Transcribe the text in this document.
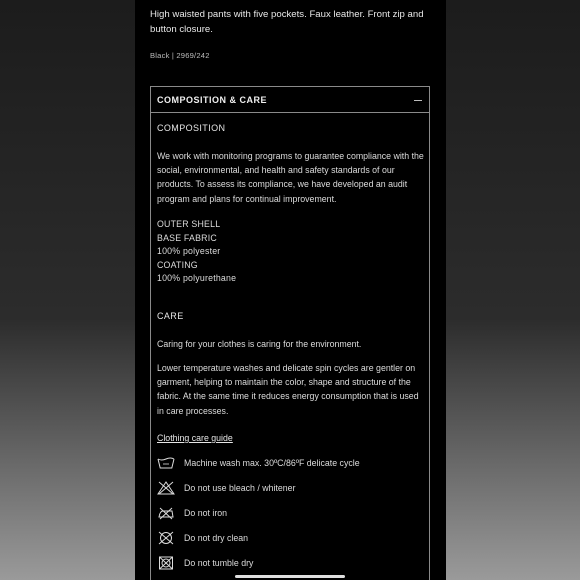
High waisted pants with five pockets. Faux leather. Front zip and button closure.
Black | 2969/242
COMPOSITION & CARE
COMPOSITION
We work with monitoring programs to guarantee compliance with the social, environmental, and health and safety standards of our products. To assess its compliance, we have developed an audit program and plans for continual improvement.
OUTER SHELL
BASE FABRIC
100% polyester
COATING
100% polyurethane
CARE
Caring for your clothes is caring for the environment.
Lower temperature washes and delicate spin cycles are gentler on garment, helping to maintain the color, shape and structure of the fabric. At the same time it reduces energy consumption that is used in care processes.
Clothing care guide
Machine wash max. 30ºC/86ºF delicate cycle
Do not use bleach / whitener
Do not iron
Do not dry clean
Do not tumble dry
